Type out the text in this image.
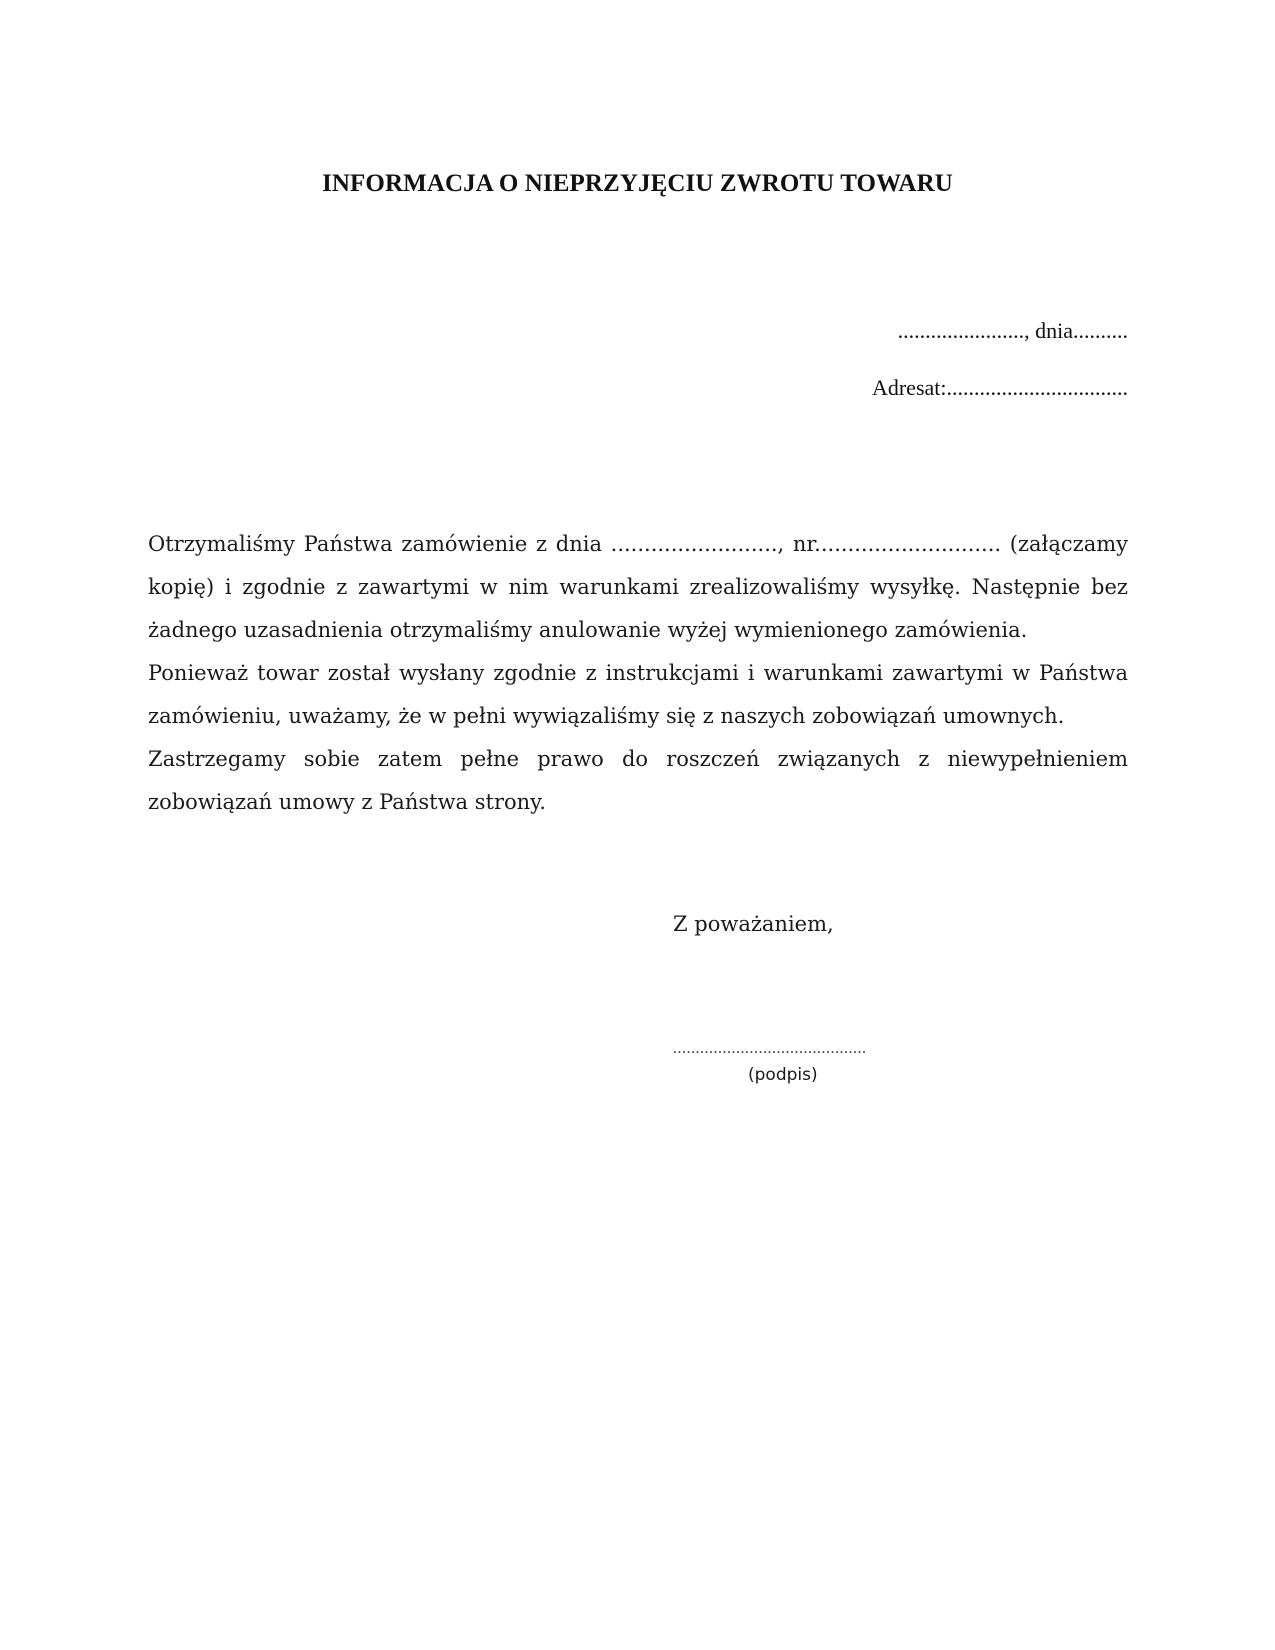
INFORMACJA O NIEPRZYJĘCIU ZWROTU TOWARU
......................., dnia..........
Adresat:.................................

Otrzymaliśmy Państwa zamówienie z dnia ........................., nr............................ (załączamy kopię) i zgodnie z zawartymi w nim warunkami zrealizowaliśmy wysyłkę. Następnie bez żadnego uzasadnienia otrzymaliśmy anulowanie wyżej wymienionego zamówienia.

Ponieważ towar został wysłany zgodnie z instrukcjami i warunkami zawartymi w Państwa zamówieniu, uważamy, że w pełni wywiązaliśmy się z naszych zobowiązań umownych.

Zastrzegamy sobie zatem pełne prawo do roszczeń związanych z niewypełnieniem zobowiązań umowy z Państwa strony.

Z poważaniem,
...........................................
(podpis)
